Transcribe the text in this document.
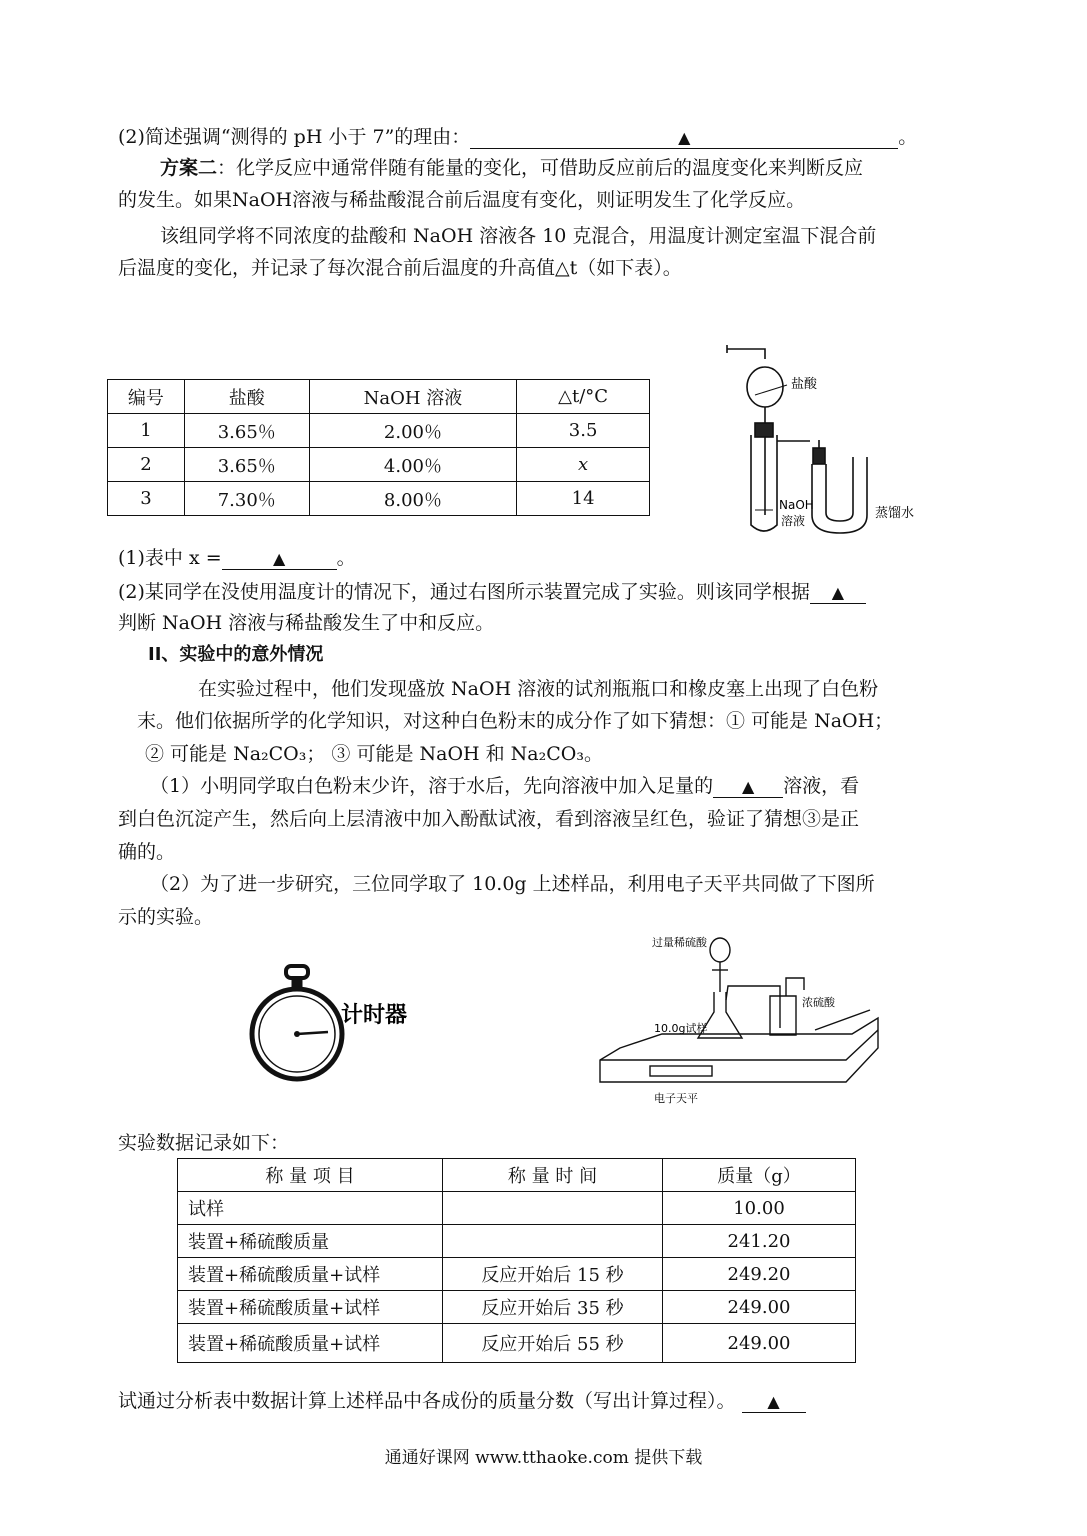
(2)简述强调“测得的 pH 小于 7”的理由：	▲	。
方案二：化学反应中通常伴随有能量的变化，可借助反应前后的温度变化来判断反应
的发生。如果NaOH溶液与稀盐酸混合前后温度有变化，则证明发生了化学反应。
该组同学将不同浓度的盐酸和 NaOH 溶液各 10 克混合，用温度计测定室温下混合前
后温度的变化，并记录了每次混合前后温度的升高值△t（如下表）。
编号	盐酸	NaOH 溶液	△t/°C
1	3.65％	2.00％	3.5
2	3.65％	4.00％	x
3	7.30％	8.00％	14
盐酸
NaOH
溶液	蒸馏水
(1)表中 x =	▲	。
(2)某同学在没使用温度计的情况下，通过右图所示装置完成了实验。则该同学根据 ▲
判断 NaOH 溶液与稀盐酸发生了中和反应。
II、实验中的意外情况
在实验过程中，他们发现盛放 NaOH 溶液的试剂瓶瓶口和橡皮塞上出现了白色粉
末。他们依据所学的化学知识，对这种白色粉末的成分作了如下猜想：① 可能是 NaOH；
② 可能是 Na₂CO₃； ③ 可能是 NaOH 和 Na₂CO₃。
（1）小明同学取白色粉末少许，溶于水后，先向溶液中加入足量的 ▲ 溶液，看
到白色沉淀产生，然后向上层清液中加入酚酞试液，看到溶液呈红色，验证了猜想③是正
确的。
（2）为了进一步研究，三位同学取了 10.0g 上述样品，利用电子天平共同做了下图所
示的实验。
计时器
过量稀硫酸
10.0g试样
浓硫酸
电子天平
实验数据记录如下：
称 量 项 目	称 量 时 间	质量（g）
试样		10.00
装置+稀硫酸质量		241.20
装置+稀硫酸质量+试样	反应开始后 15 秒	249.20
装置+稀硫酸质量+试样	反应开始后 35 秒	249.00
装置+稀硫酸质量+试样	反应开始后 55 秒	249.00
试通过分析表中数据计算上述样品中各成份的质量分数（写出计算过程）。 ▲
通通好课网 www.tthaoke.com 提供下载
